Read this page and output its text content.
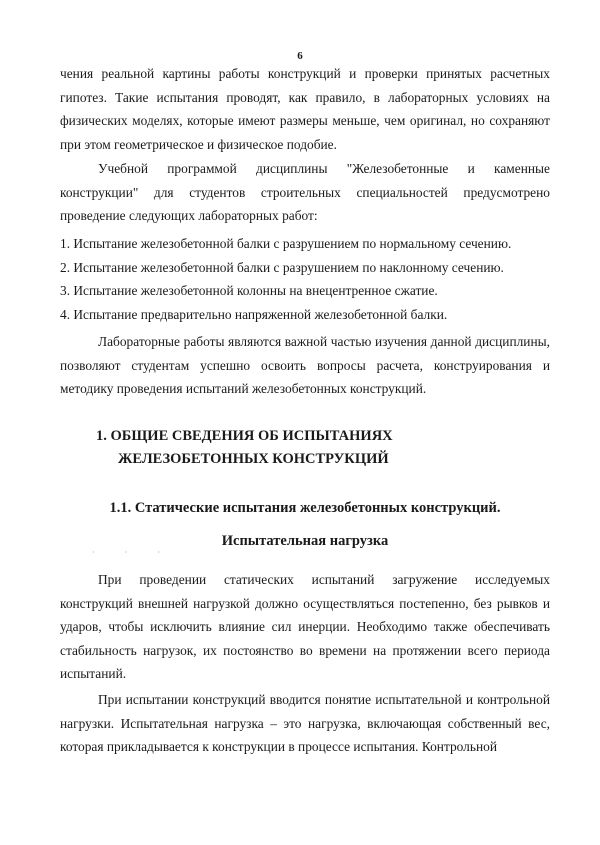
6
чения реальной картины работы конструкций и проверки принятых расчетных гипотез. Такие испытания проводят, как правило, в лабораторных условиях на физических моделях, которые имеют размеры меньше, чем оригинал, но сохраняют при этом геометрическое и физическое подобие.
Учебной программой дисциплины "Железобетонные и каменные конструкции" для студентов строительных специальностей предусмотрено проведение следующих лабораторных работ:
1. Испытание железобетонной балки с разрушением по нормальному сечению.
2. Испытание железобетонной балки с разрушением по наклонному сечению.
3. Испытание железобетонной колонны на внецентренное сжатие.
4. Испытание предварительно напряженной железобетонной балки.
Лабораторные работы являются важной частью изучения данной дисциплины, позволяют студентам успешно освоить вопросы расчета, конструирования и методику проведения испытаний железобетонных конструкций.
1. ОБЩИЕ СВЕДЕНИЯ ОБ ИСПЫТАНИЯХ
ЖЕЛЕЗОБЕТОННЫХ КОНСТРУКЦИЙ
1.1. Статические испытания железобетонных конструкций.
Испытательная нагрузка
· · ·
При проведении статических испытаний загружение исследуемых конструкций внешней нагрузкой должно осуществляться постепенно, без рывков и ударов, чтобы исключить влияние сил инерции. Необходимо также обеспечивать стабильность нагрузок, их постоянство во времени на протяжении всего периода испытаний.
При испытании конструкций вводится понятие испытательной и контрольной нагрузки. Испытательная нагрузка – это нагрузка, включающая собственный вес, которая прикладывается к конструкции в процессе испытания. Контрольной
